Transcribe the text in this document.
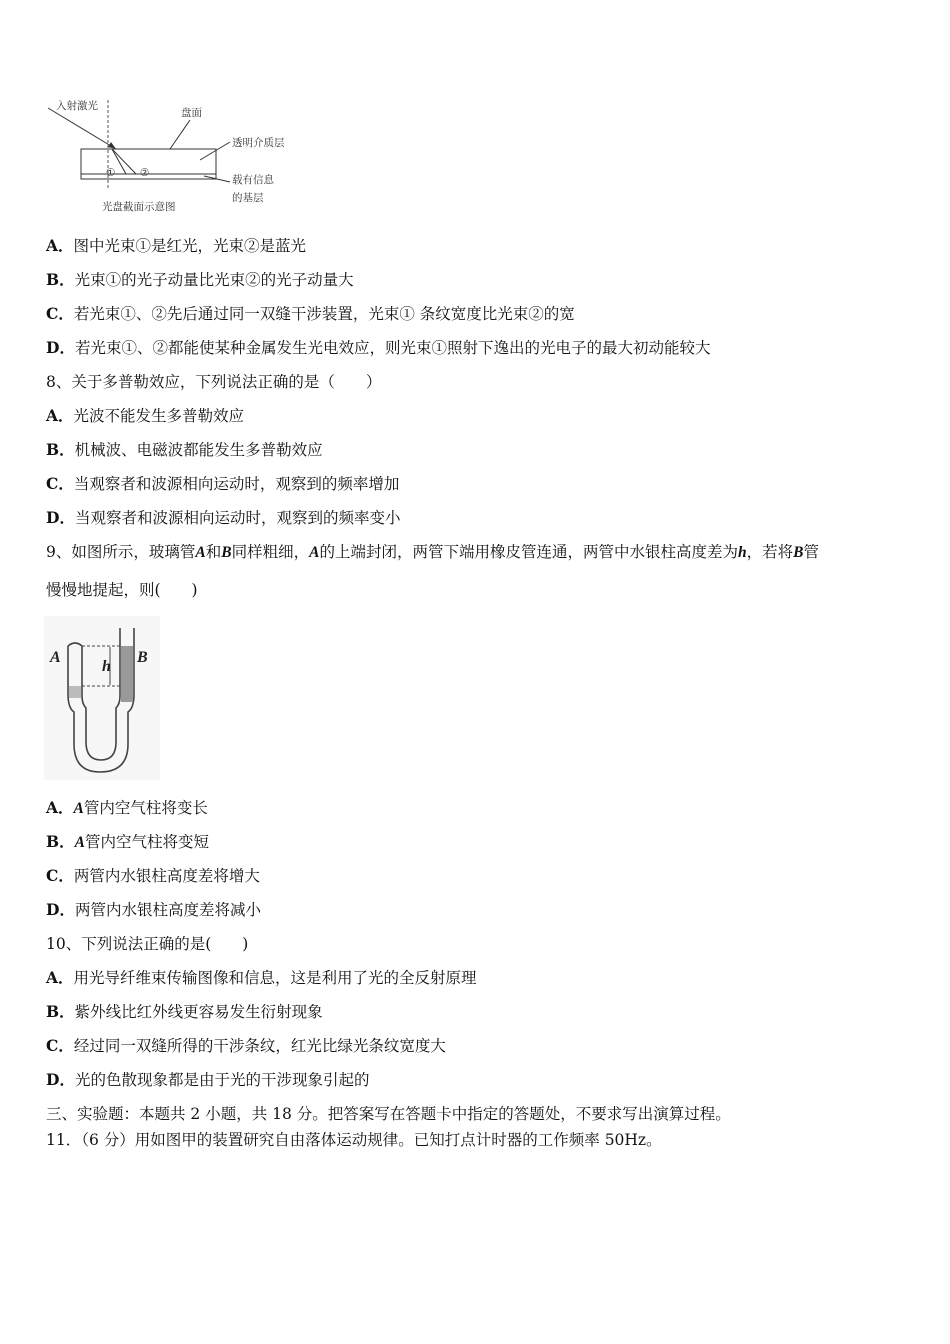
入射激光
① ②
盘面
透明介质层
载有信息
的基层
光盘截面示意图
A．图中光束①是红光，光束②是蓝光
B．光束①的光子动量比光束②的光子动量大
C．若光束①、②先后通过同一双缝干涉装置，光束① 条纹宽度比光束②的宽
D．若光束①、②都能使某种金属发生光电效应，则光束①照射下逸出的光电子的最大初动能较大
8、关于多普勒效应，下列说法正确的是（　　）
A．光波不能发生多普勒效应
B．机械波、电磁波都能发生多普勒效应
C．当观察者和波源相向运动时，观察到的频率增加
D．当观察者和波源相向运动时，观察到的频率变小
9、如图所示，玻璃管A和B同样粗细，A的上端封闭，两管下端用橡皮管连通，两管中水银柱高度差为h，若将B管
慢慢地提起，则(　　)
h
A	B
A．A管内空气柱将变长
B．A管内空气柱将变短
C．两管内水银柱高度差将增大
D．两管内水银柱高度差将减小
10、下列说法正确的是(　　)
A．用光导纤维束传输图像和信息，这是利用了光的全反射原理
B．紫外线比红外线更容易发生衍射现象
C．经过同一双缝所得的干涉条纹，红光比绿光条纹宽度大
D．光的色散现象都是由于光的干涉现象引起的
三、实验题：本题共 2 小题，共 18 分。把答案写在答题卡中指定的答题处，不要求写出演算过程。
11．（6 分）用如图甲的装置研究自由落体运动规律。已知打点计时器的工作频率 50Hz。
